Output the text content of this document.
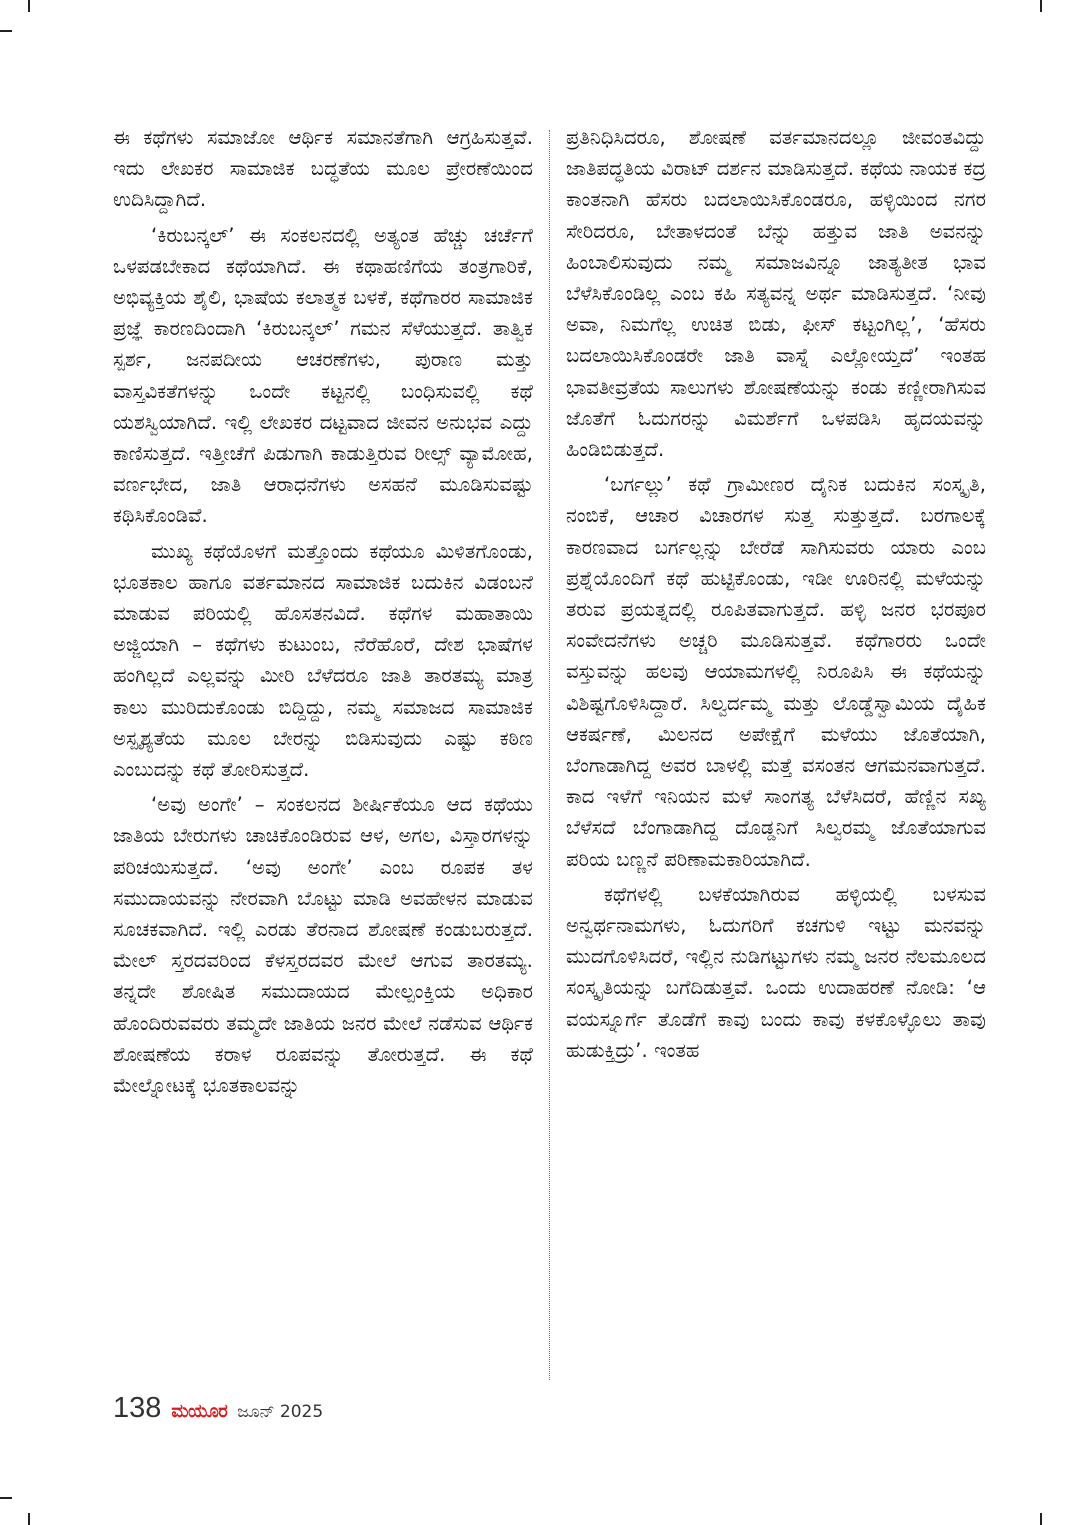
ಈ ಕಥೆಗಳು ಸಮಾಜೋ ಆರ್ಥಿಕ ಸಮಾನತೆಗಾಗಿ ಆಗ್ರಹಿಸುತ್ತವೆ. ಇದು ಲೇಖಕರ ಸಾಮಾಜಿಕ ಬದ್ಧತೆಯ ಮೂಲ ಪ್ರೇರಣೆಯಿಂದ ಉದಿಸಿದ್ದಾಗಿದೆ.

‘ಕಿರುಬನ್ಕಲ್’ ಈ ಸಂಕಲನದಲ್ಲಿ ಅತ್ಯಂತ ಹೆಚ್ಚು ಚರ್ಚೆಗೆ ಒಳಪಡಬೇಕಾದ ಕಥೆಯಾಗಿದೆ. ಈ ಕಥಾಹಣಿಗೆಯ ತಂತ್ರಗಾರಿಕೆ, ಅಭಿವ್ಯಕ್ತಿಯ ಶೈಲಿ, ಭಾಷೆಯ ಕಲಾತ್ಮಕ ಬಳಕೆ, ಕಥೆಗಾರರ ಸಾಮಾಜಿಕ ಪ್ರಜ್ಞೆ ಕಾರಣದಿಂದಾಗಿ ‘ಕಿರುಬನ್ಕಲ್’ ಗಮನ ಸೆಳೆಯುತ್ತದೆ. ತಾತ್ವಿಕ ಸ್ಪರ್ಶ, ಜನಪದೀಯ ಆಚರಣೆಗಳು, ಪುರಾಣ ಮತ್ತು ವಾಸ್ತವಿಕತೆಗಳನ್ನು ಒಂದೇ ಕಟ್ಟನಲ್ಲಿ ಬಂಧಿಸುವಲ್ಲಿ ಕಥೆ ಯಶಸ್ವಿಯಾಗಿದೆ. ಇಲ್ಲಿ ಲೇಖಕರ ದಟ್ಟವಾದ ಜೀವನ ಅನುಭವ ಎದ್ದು ಕಾಣಿಸುತ್ತದೆ. ಇತ್ತೀಚೆಗೆ ಪಿಡುಗಾಗಿ ಕಾಡುತ್ತಿರುವ ರೀಲ್ಸ್ ವ್ಯಾಮೋಹ, ವರ್ಣಭೇದ, ಜಾತಿ ಆರಾಧನೆಗಳು ಅಸಹನೆ ಮೂಡಿಸುವಷ್ಟು ಕಥಿಸಿಕೊಂಡಿವೆ.

ಮುಖ್ಯ ಕಥೆಯೊಳಗೆ ಮತ್ತೊಂದು ಕಥೆಯೂ ಮಿಳಿತಗೊಂಡು, ಭೂತಕಾಲ ಹಾಗೂ ವರ್ತಮಾನದ ಸಾಮಾಜಿಕ ಬದುಕಿನ ವಿಡಂಬನೆ ಮಾಡುವ ಪರಿಯಲ್ಲಿ ಹೊಸತನವಿದೆ. ಕಥೆಗಳ ಮಹಾತಾಯಿ ಅಜ್ಜಿಯಾಗಿ – ಕಥೆಗಳು ಕುಟುಂಬ, ನೆರೆಹೊರೆ, ದೇಶ ಭಾಷೆಗಳ ಹಂಗಿಲ್ಲದೆ ಎಲ್ಲವನ್ನು ಮೀರಿ ಬೆಳೆದರೂ ಜಾತಿ ತಾರತಮ್ಯ ಮಾತ್ರ ಕಾಲು ಮುರಿದುಕೊಂಡು ಬಿದ್ದಿದ್ದು, ನಮ್ಮ ಸಮಾಜದ ಸಾಮಾಜಿಕ ಅಸ್ಪೃಶ್ಯತೆಯ ಮೂಲ ಬೇರನ್ನು ಬಿಡಿಸುವುದು ಎಷ್ಟು ಕಠಿಣ ಎಂಬುದನ್ನು ಕಥೆ ತೋರಿಸುತ್ತದೆ.

‘ಅವು ಅಂಗೇ’ – ಸಂಕಲನದ ಶೀರ್ಷಿಕೆಯೂ ಆದ ಕಥೆಯು ಜಾತಿಯ ಬೇರುಗಳು ಚಾಚಿಕೊಂಡಿರುವ ಆಳ, ಅಗಲ, ವಿಸ್ತಾರಗಳನ್ನು ಪರಿಚಯಿಸುತ್ತದೆ. ‘ಅವು ಅಂಗೇ’ ಎಂಬ ರೂಪಕ ತಳ ಸಮುದಾಯವನ್ನು ನೇರವಾಗಿ ಬೊಟ್ಟು ಮಾಡಿ ಅವಹೇಳನ ಮಾಡುವ ಸೂಚಕವಾಗಿದೆ. ಇಲ್ಲಿ ಎರಡು ತೆರನಾದ ಶೋಷಣೆ ಕಂಡುಬರುತ್ತದೆ. ಮೇಲ್ ಸ್ತರದವರಿಂದ ಕೆಳಸ್ತರದವರ ಮೇಲೆ ಆಗುವ ತಾರತಮ್ಯ. ತನ್ನದೇ ಶೋಷಿತ ಸಮುದಾಯದ ಮೇಲ್ಪಂಕ್ತಿಯ ಅಧಿಕಾರ ಹೊಂದಿರುವವರು ತಮ್ಮದೇ ಜಾತಿಯ ಜನರ ಮೇಲೆ ನಡೆಸುವ ಆರ್ಥಿಕ ಶೋಷಣೆಯ ಕರಾಳ ರೂಪವನ್ನು ತೋರುತ್ತದೆ. ಈ ಕಥೆ ಮೇಲ್ನೋಟಕ್ಕೆ ಭೂತಕಾಲವನ್ನು

ಪ್ರತಿನಿಧಿಸಿದರೂ, ಶೋಷಣೆ ವರ್ತಮಾನದಲ್ಲೂ ಜೀವಂತವಿದ್ದು ಜಾತಿಪದ್ಧತಿಯ ವಿರಾಟ್ ದರ್ಶನ ಮಾಡಿಸುತ್ತದೆ. ಕಥೆಯ ನಾಯಕ ಕದ್ರ ಕಾಂತನಾಗಿ ಹೆಸರು ಬದಲಾಯಿಸಿಕೊಂಡರೂ, ಹಳ್ಳಿಯಿಂದ ನಗರ ಸೇರಿದರೂ, ಬೇತಾಳದಂತೆ ಬೆನ್ನು ಹತ್ತುವ ಜಾತಿ ಅವನನ್ನು ಹಿಂಬಾಲಿಸುವುದು ನಮ್ಮ ಸಮಾಜವಿನ್ನೂ ಜಾತ್ಯತೀತ ಭಾವ ಬೆಳೆಸಿಕೊಂಡಿಲ್ಲ ಎಂಬ ಕಹಿ ಸತ್ಯವನ್ನ ಅರ್ಥ ಮಾಡಿಸುತ್ತದೆ. ‘ನೀವು ಅವಾ, ನಿಮಗೆಲ್ಲ ಉಚಿತ ಬಿಡು, ಫೀಸ್ ಕಟ್ಟಂಗಿಲ್ಲ’, ‘ಹೆಸರು ಬದಲಾಯಿಸಿಕೊಂಡರೇ ಜಾತಿ ವಾಸ್ನೆ ಎಲ್ಲೋಯ್ತದೆ’ ಇಂತಹ ಭಾವತೀವ್ರತೆಯ ಸಾಲುಗಳು ಶೋಷಣೆಯನ್ನು ಕಂಡು ಕಣ್ಣೀರಾಗಿಸುವ ಜೊತೆಗೆ ಓದುಗರನ್ನು ವಿಮರ್ಶೆಗೆ ಒಳಪಡಿಸಿ ಹೃದಯವನ್ನು ಹಿಂಡಿಬಿಡುತ್ತದೆ.

‘ಬರ್ಗಲ್ಲು’ ಕಥೆ ಗ್ರಾಮೀಣರ ದೈನಿಕ ಬದುಕಿನ ಸಂಸ್ಕೃತಿ, ನಂಬಿಕೆ, ಆಚಾರ ವಿಚಾರಗಳ ಸುತ್ತ ಸುತ್ತುತ್ತದೆ. ಬರಗಾಲಕ್ಕೆ ಕಾರಣವಾದ ಬರ್ಗಲ್ಲನ್ನು ಬೇರೆಡೆ ಸಾಗಿಸುವರು ಯಾರು ಎಂಬ ಪ್ರಶ್ನೆಯೊಂದಿಗೆ ಕಥೆ ಹುಟ್ಟಿಕೊಂಡು, ಇಡೀ ಊರಿನಲ್ಲಿ ಮಳೆಯನ್ನು ತರುವ ಪ್ರಯತ್ನದಲ್ಲಿ ರೂಪಿತವಾಗುತ್ತದೆ. ಹಳ್ಳಿ ಜನರ ಭರಪೂರ ಸಂವೇದನೆಗಳು ಅಚ್ಚರಿ ಮೂಡಿಸುತ್ತವೆ. ಕಥೆಗಾರರು ಒಂದೇ ವಸ್ತುವನ್ನು ಹಲವು ಆಯಾಮಗಳಲ್ಲಿ ನಿರೂಪಿಸಿ ಈ ಕಥೆಯನ್ನು ವಿಶಿಷ್ಟಗೊಳಿಸಿದ್ದಾರೆ. ಸಿಲ್ವರ್ದಮ್ಮ ಮತ್ತು ಲೊಡ್ಡೆಸ್ವಾಮಿಯ ದೈಹಿಕ ಆಕರ್ಷಣೆ, ಮಿಲನದ ಅಪೇಕ್ಷೆಗೆ ಮಳೆಯು ಜೊತೆಯಾಗಿ, ಬೆಂಗಾಡಾಗಿದ್ದ ಅವರ ಬಾಳಲ್ಲಿ ಮತ್ತೆ ವಸಂತನ ಆಗಮನವಾಗುತ್ತದೆ. ಕಾದ ಇಳೆಗೆ ಇನಿಯನ ಮಳೆ ಸಾಂಗತ್ಯ ಬೆಳೆಸಿದರೆ, ಹೆಣ್ಣಿನ ಸಖ್ಯ ಬೆಳೆಸದೆ ಬೆಂಗಾಡಾಗಿದ್ದ ದೊಡ್ಡನಿಗೆ ಸಿಲ್ವರಮ್ಮ ಜೊತೆಯಾಗುವ ಪರಿಯ ಬಣ್ಣನೆ ಪರಿಣಾಮಕಾರಿಯಾಗಿದೆ.

ಕಥೆಗಳಲ್ಲಿ ಬಳಕೆಯಾಗಿರುವ ಹಳ್ಳಿಯಲ್ಲಿ ಬಳಸುವ ಅನ್ವರ್ಥನಾಮಗಳು, ಓದುಗರಿಗೆ ಕಚಗುಳಿ ಇಟ್ಟು ಮನವನ್ನು ಮುದಗೊಳಿಸಿದರೆ, ಇಲ್ಲಿನ ನುಡಿಗಟ್ಟುಗಳು ನಮ್ಮ ಜನರ ನೆಲಮೂಲದ ಸಂಸ್ಕೃತಿಯನ್ನು ಬಗೆದಿಡುತ್ತವೆ. ಒಂದು ಉದಾಹರಣೆ ನೋಡಿ: ‘ಆ ವಯಸ್ನೂರ್ಗೆ ತೊಡೆಗೆ ಕಾವು ಬಂದು ಕಾವು ಕಳಕೊಳ್ಳೊಲು ತಾವು ಹುಡುಕ್ತಿದ್ರು’. ಇಂತಹ

138 ಮಯೂರ ಜೂನ್ 2025
